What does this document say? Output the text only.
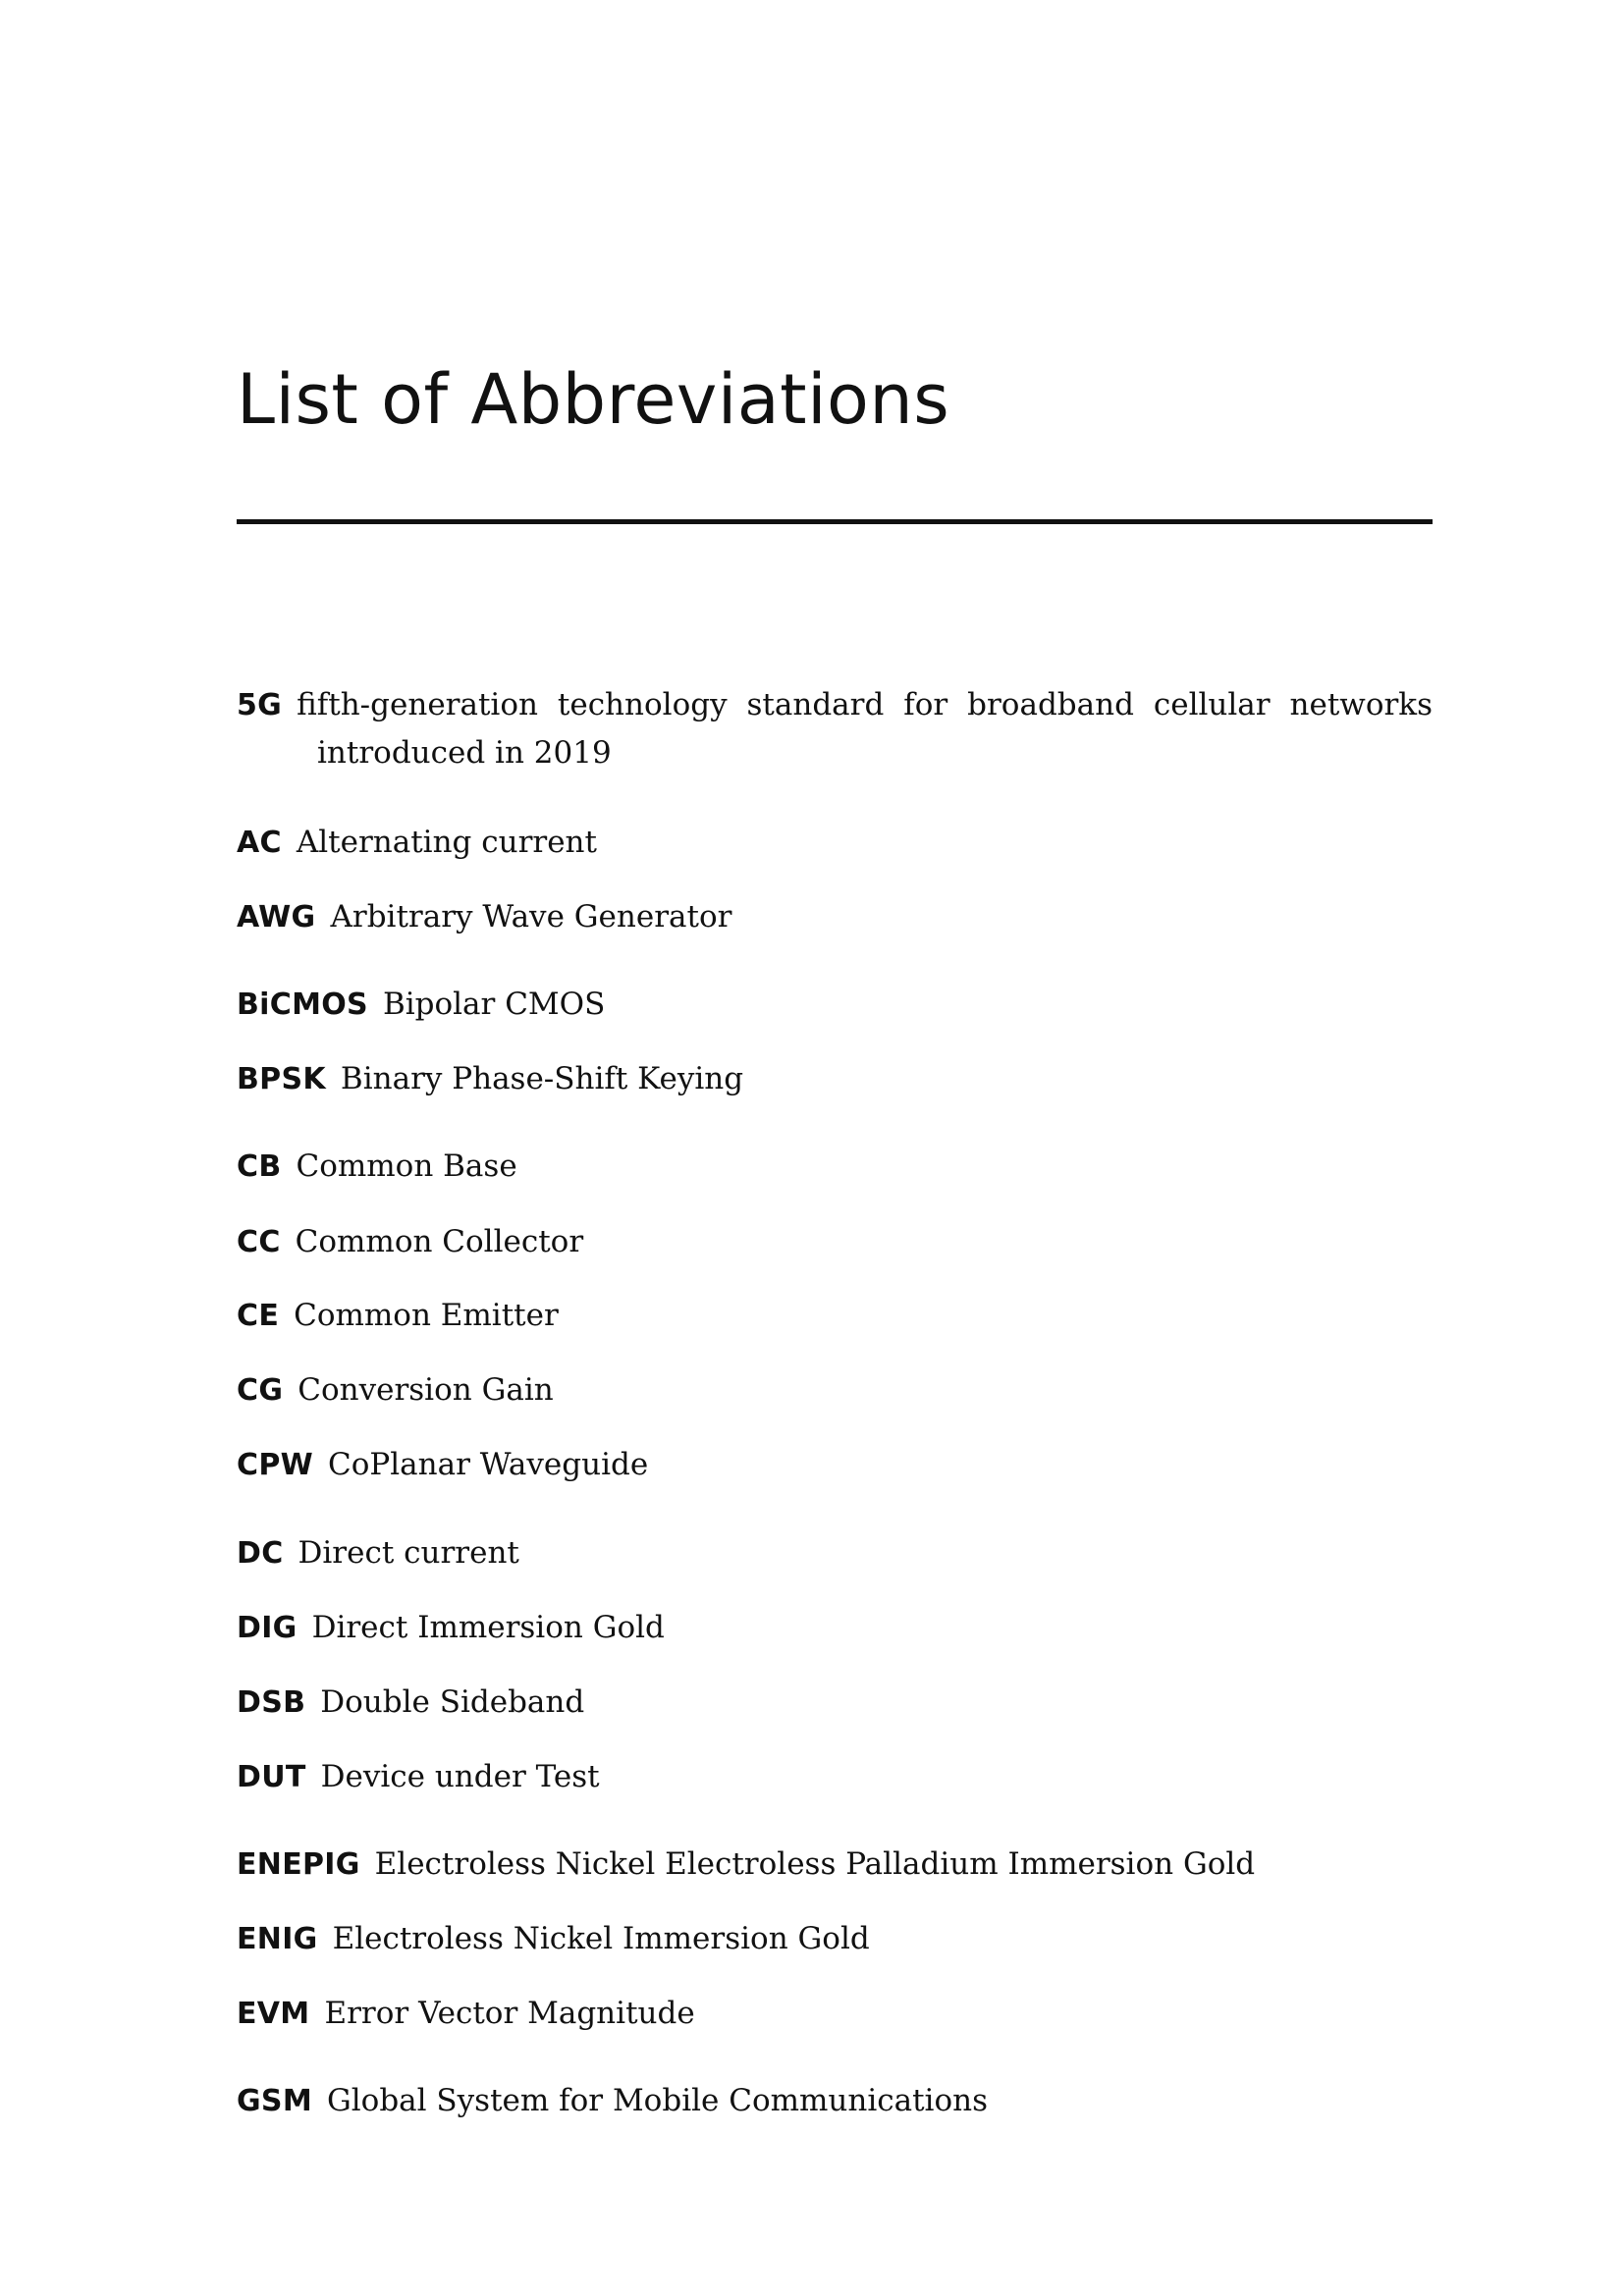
List of Abbreviations
5G fifth-generation technology standard for broadband cellular networks introduced in 2019
AC Alternating current
AWG Arbitrary Wave Generator
BiCMOS Bipolar CMOS
BPSK Binary Phase-Shift Keying
CB Common Base
CC Common Collector
CE Common Emitter
CG Conversion Gain
CPW CoPlanar Waveguide
DC Direct current
DIG Direct Immersion Gold
DSB Double Sideband
DUT Device under Test
ENEPIG Electroless Nickel Electroless Palladium Immersion Gold
ENIG Electroless Nickel Immersion Gold
EVM Error Vector Magnitude
GSM Global System for Mobile Communications
